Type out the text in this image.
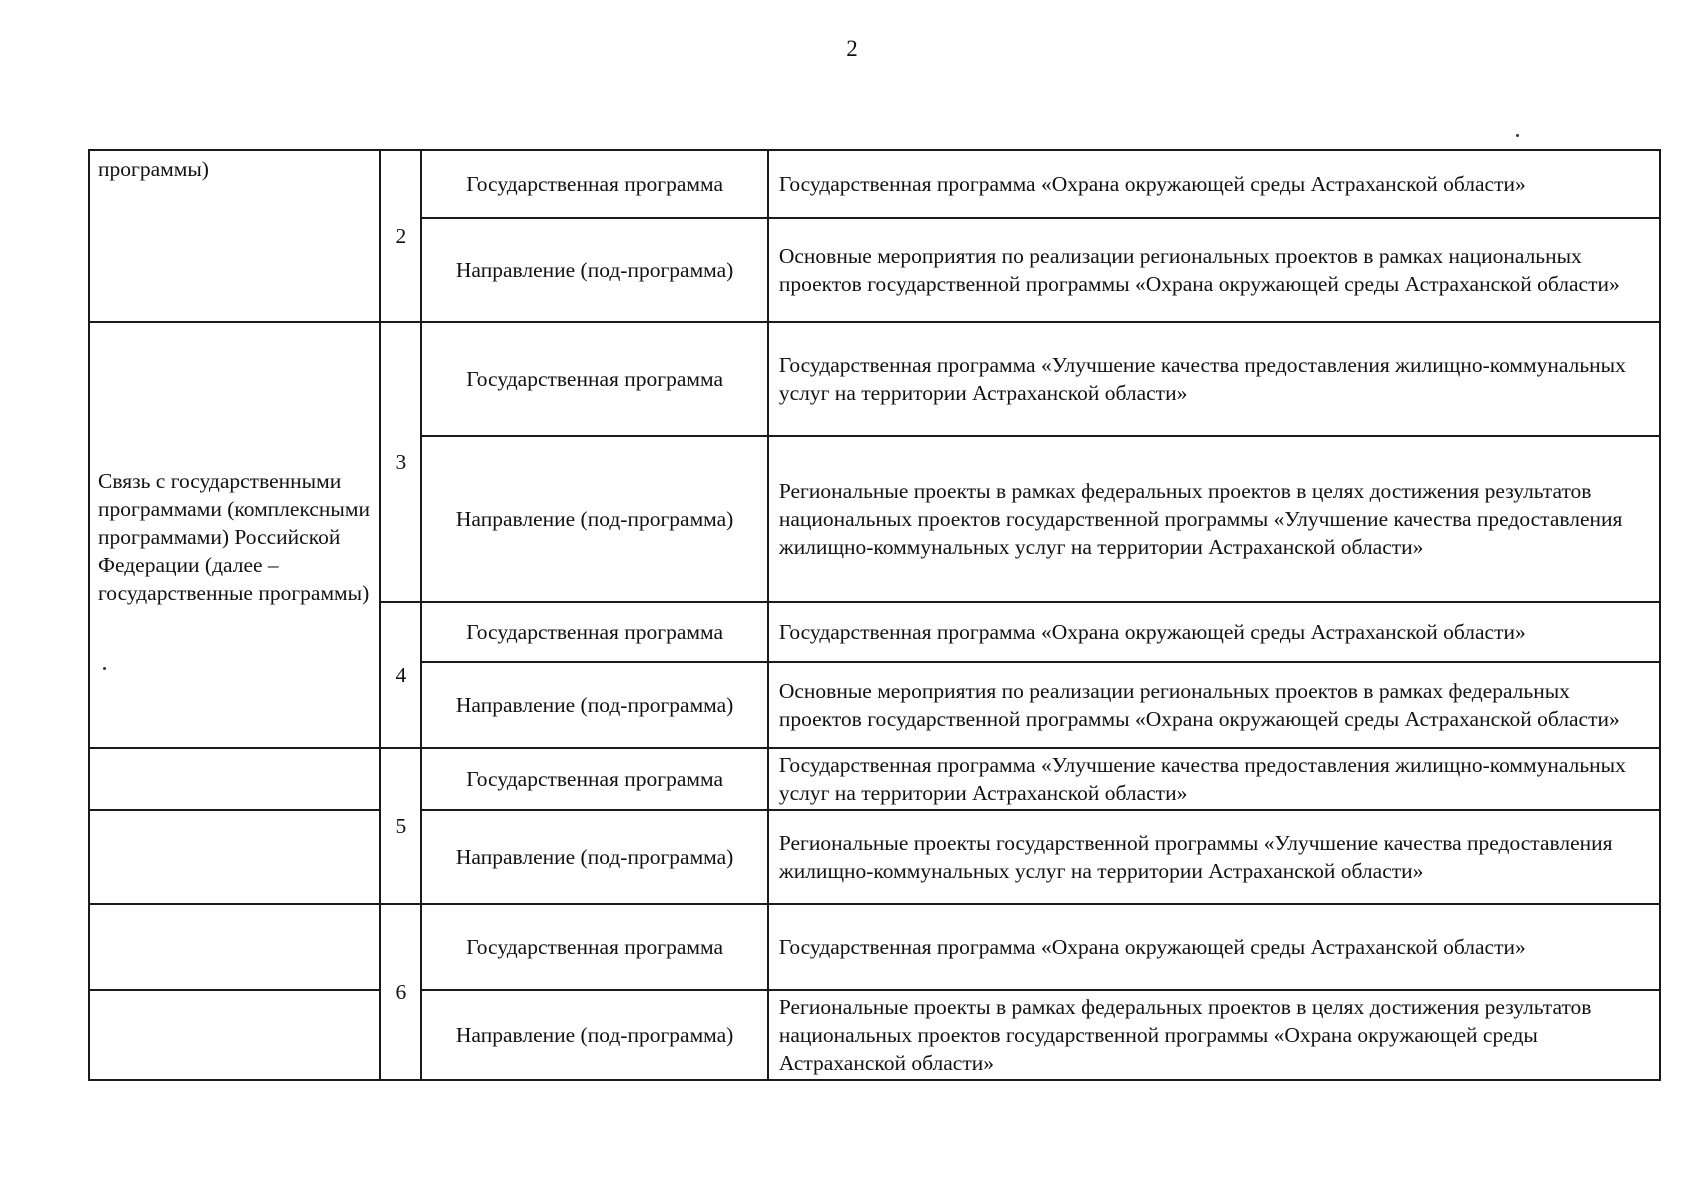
2
программы)	2	Государственная программа	Государственная программа «Охрана окружающей среды Астраханской области»
		Направление (под-программа)	Основные мероприятия по реализации региональных проектов в рамках национальных проектов государственной программы «Охрана окружающей среды Астраханской области»
Связь с государственными программами (комплексными программами) Российской Федерации (далее – государственные программы)	3	Государственная программа	Государственная программа «Улучшение качества предоставления жилищно-коммунальных услуг на территории Астраханской области»
		Направление (под-программа)	Региональные проекты в рамках федеральных проектов в целях достижения результатов национальных проектов государственной программы «Улучшение качества предоставления жилищно-коммунальных услуг на территории Астраханской области»
	4	Государственная программа	Государственная программа «Охрана окружающей среды Астраханской области»
		Направление (под-программа)	Основные мероприятия по реализации региональных проектов в рамках федеральных проектов государственной программы «Охрана окружающей среды Астраханской области»
	5	Государственная программа	Государственная программа «Улучшение качества предоставления жилищно-коммунальных услуг на территории Астраханской области»
		Направление (под-программа)	Региональные проекты государственной программы «Улучшение качества предоставления жилищно-коммунальных услуг на территории Астраханской области»
	6	Государственная программа	Государственная программа «Охрана окружающей среды Астраханской области»
		Направление (под-программа)	Региональные проекты в рамках федеральных проектов в целях достижения результатов национальных проектов государственной программы «Охрана окружающей среды Астраханской области»
